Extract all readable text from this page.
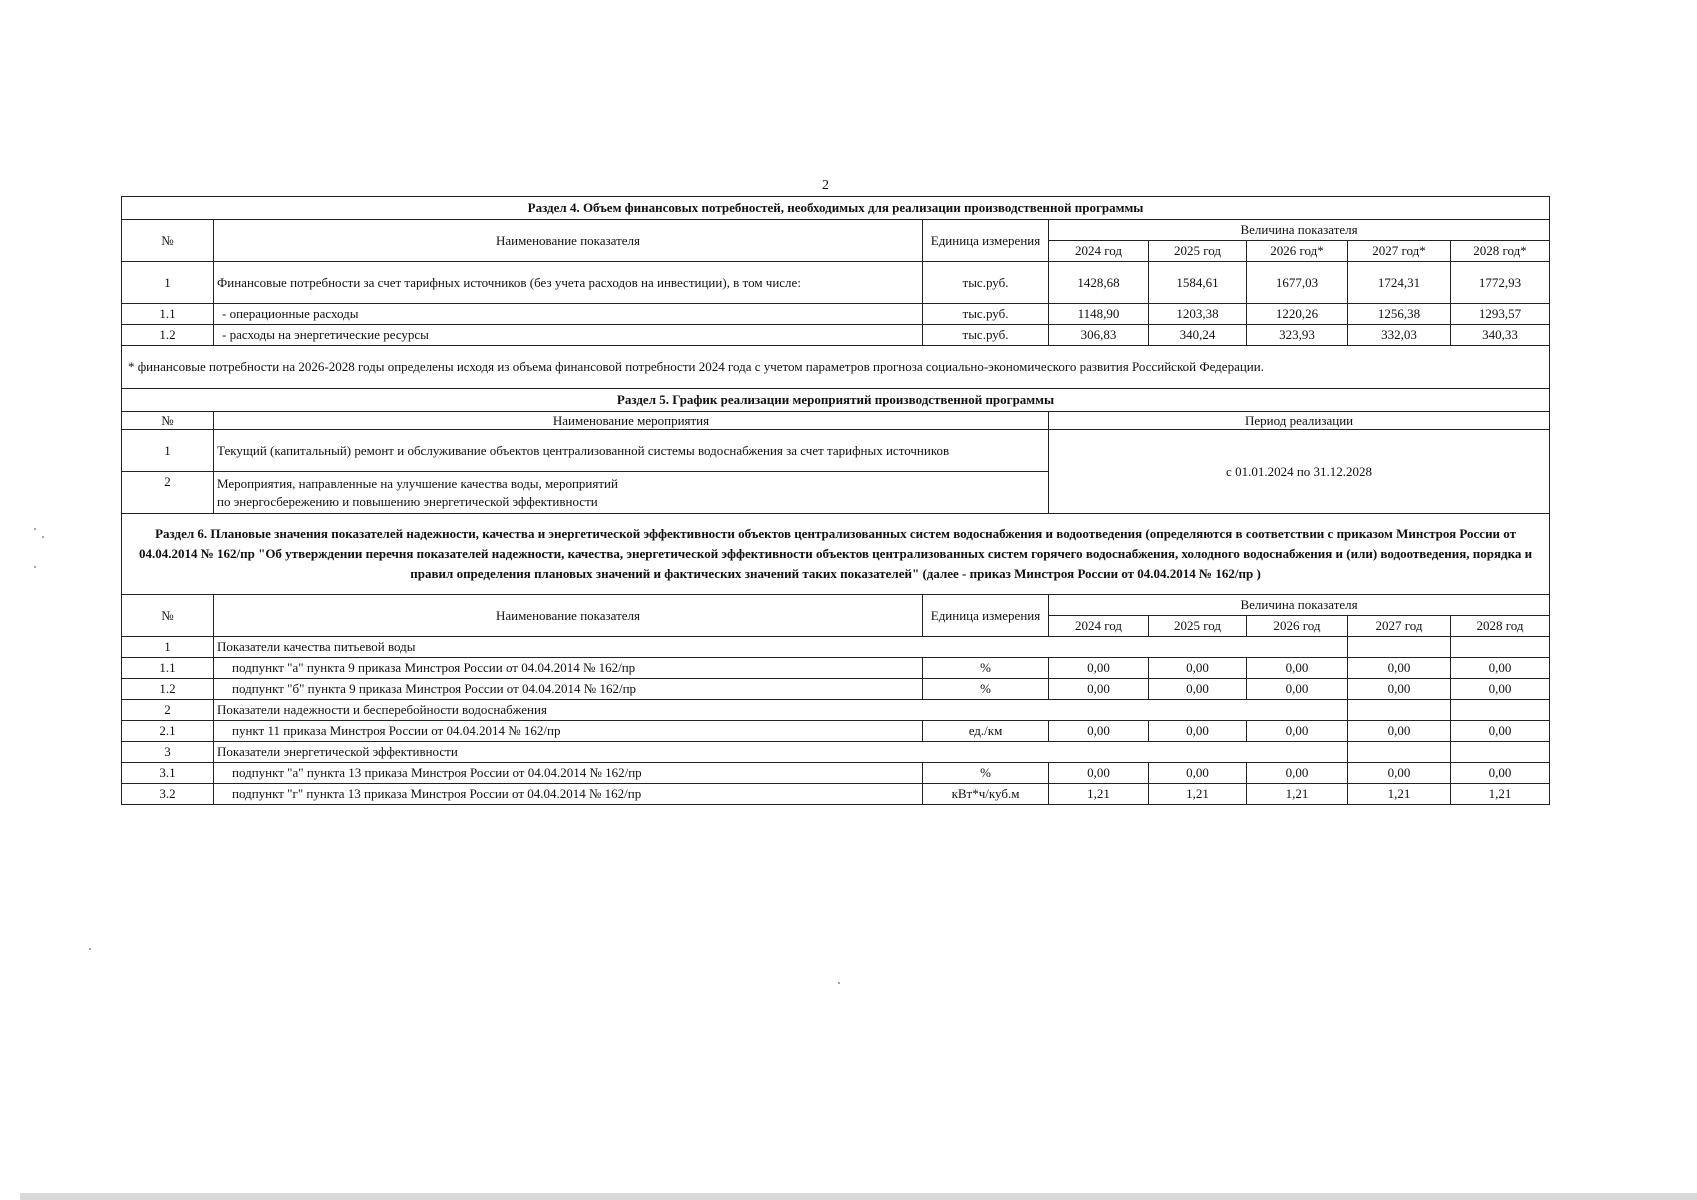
2
Раздел 4. Объем финансовых потребностей, необходимых для реализации производственной программы							
№	Наименование показателя	Единица измерения	Величина показателя				
			2024 год	2025 год	2026 год*	2027 год*	2028 год*
1	Финансовые потребности за счет тарифных источников (без учета расходов на инвестиции), в том числе:	тыс.руб.	1428,68	1584,61	1677,03	1724,31	1772,93
1.1	- операционные расходы	тыс.руб.	1148,90	1203,38	1220,26	1256,38	1293,57
1.2	- расходы на энергетические ресурсы	тыс.руб.	306,83	340,24	323,93	332,03	340,33
* финансовые потребности на 2026-2028 годы определены исходя из объема финансовой потребности 2024 года с учетом параметров прогноза социально-экономического развития Российской Федерации.							
Раздел 5. График реализации мероприятий производственной программы							
№	Наименование мероприятия		Период реализации				
1	Текущий (капитальный) ремонт и обслуживание объектов централизованной системы водоснабжения за счет тарифных источников		с 01.01.2024 по 31.12.2028				
2	Мероприятия, направленные на улучшение качества воды, мероприятий
по энергосбережению и повышению энергетической эффективности						

Раздел 6. Плановые значения показателей надежности, качества и энергетической эффективности объектов централизованных систем водоснабжения и водоотведения (определяются в соответствии с приказом Минстроя России от 04.04.2014 № 162/пр "Об утверждении перечня показателей надежности, качества, энергетической эффективности объектов централизованных систем горячего водоснабжения, холодного водоснабжения и (или) водоотведения, порядка и правил определения плановых значений и фактических значений таких показателей" (далее - приказ Минстроя России от 04.04.2014 № 162/пр )							
№	Наименование показателя	Единица измерения	Величина показателя				
			2024 год	2025 год	2026 год	2027 год	2028 год
1	Показатели качества питьевой воды						
1.1	подпункт "а" пункта 9 приказа Минстроя России от 04.04.2014 № 162/пр	%	0,00	0,00	0,00	0,00	0,00
1.2	подпункт "б" пункта 9 приказа Минстроя России от 04.04.2014 № 162/пр	%	0,00	0,00	0,00	0,00	0,00
2	Показатели надежности и бесперебойности водоснабжения						
2.1	пункт 11 приказа Минстроя России от 04.04.2014 № 162/пр	ед./км	0,00	0,00	0,00	0,00	0,00
3	Показатели энергетической эффективности						
3.1	подпункт "а" пункта 13 приказа Минстроя России от 04.04.2014 № 162/пр	%	0,00	0,00	0,00	0,00	0,00
3.2	подпункт "г" пункта 13 приказа Минстроя России от 04.04.2014 № 162/пр	кВт*ч/куб.м	1,21	1,21	1,21	1,21	1,21
